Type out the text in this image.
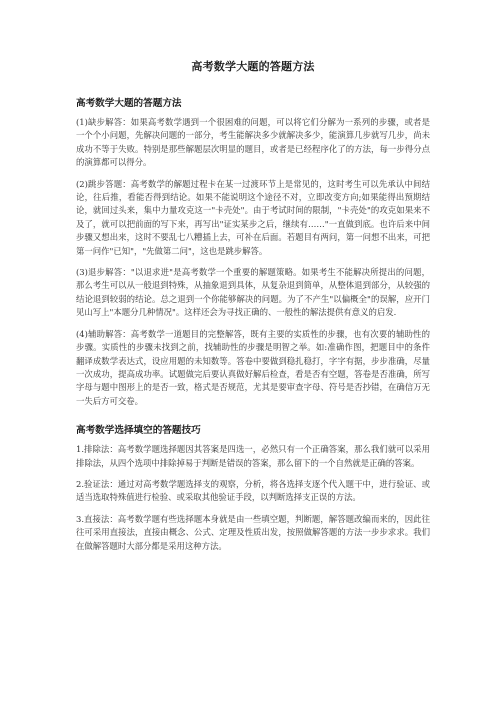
高考数学大题的答题方法
高考数学大题的答题方法

(1)缺步解答：如果高考数学遇到一个很困难的问题，可以将它们分解为一系列的步骤，或者是一个个小问题，先解决问题的一部分，考生能解决多少就解决多少，能演算几步就写几步，尚未成功不等于失败。特别是那些解题层次明显的题目，或者是已经程序化了的方法，每一步得分点的演算都可以得分。

(2)跳步答题：高考数学的解题过程卡在某一过渡环节上是常见的，这时考生可以先承认中间结论，往后推，看能否得到结论。如果不能说明这个途径不对，立即改变方向;如果能得出预期结论，就回过头来，集中力量攻克这一"卡壳处"。由于考试时间的限制，"卡壳处"的攻克如果来不及了，就可以把前面的写下来，再写出"证实某步之后，继续有……"一直做到底。也许后来中间步骤又想出来，这时不要乱七八糟插上去，可补在后面。若题目有两问，第一问想不出来，可把第一问作"已知"，"先做第二问"，这也是跳步解答。

(3)退步解答："以退求进"是高考数学一个重要的解题策略。如果考生不能解决所提出的问题，那么考生可以从一般退到特殊，从抽象退到具体，从复杂退到简单，从整体退到部分，从较强的结论退到较弱的结论。总之退到一个你能够解决的问题。为了不产生"以偏概全"的误解，应开门见山写上"本题分几种情况"。这样还会为寻找正确的、一般性的解法提供有意义的启发.

(4)辅助解答：高考数学一道题目的完整解答，既有主要的实质性的步骤，也有次要的辅助性的步骤。实质性的步骤未找到之前，找辅助性的步骤是明智之举。如:准确作图，把题目中的条件翻译成数学表达式，设应用题的未知数等。答卷中要做到稳扎稳打，字字有据，步步准确，尽量一次成功，提高成功率。试题做完后要认真做好解后检查，看是否有空题，答卷是否准确，所写字母与题中图形上的是否一致，格式是否规范，尤其是要审查字母、符号是否抄错，在确信万无一失后方可交卷。

高考数学选择填空的答题技巧

1.排除法：高考数学题选择题因其答案是四选一，必然只有一个正确答案，那么我们就可以采用排除法，从四个选项中排除掉易于判断是错误的答案，那么留下的一个自然就是正确的答案。

2.验证法：通过对高考数学题选择支的观察，分析，将各选择支逐个代入题干中，进行验证、或适当选取特殊值进行检验、或采取其他验证手段，以判断选择支正误的方法。

3.直接法：高考数学题有些选择题本身就是由一些填空题，判断题，解答题改编而来的，因此往往可采用直接法，直接由概念、公式、定理及性质出发，按照做解答题的方法一步步求求。我们在做解答题时大部分都是采用这种方法。
